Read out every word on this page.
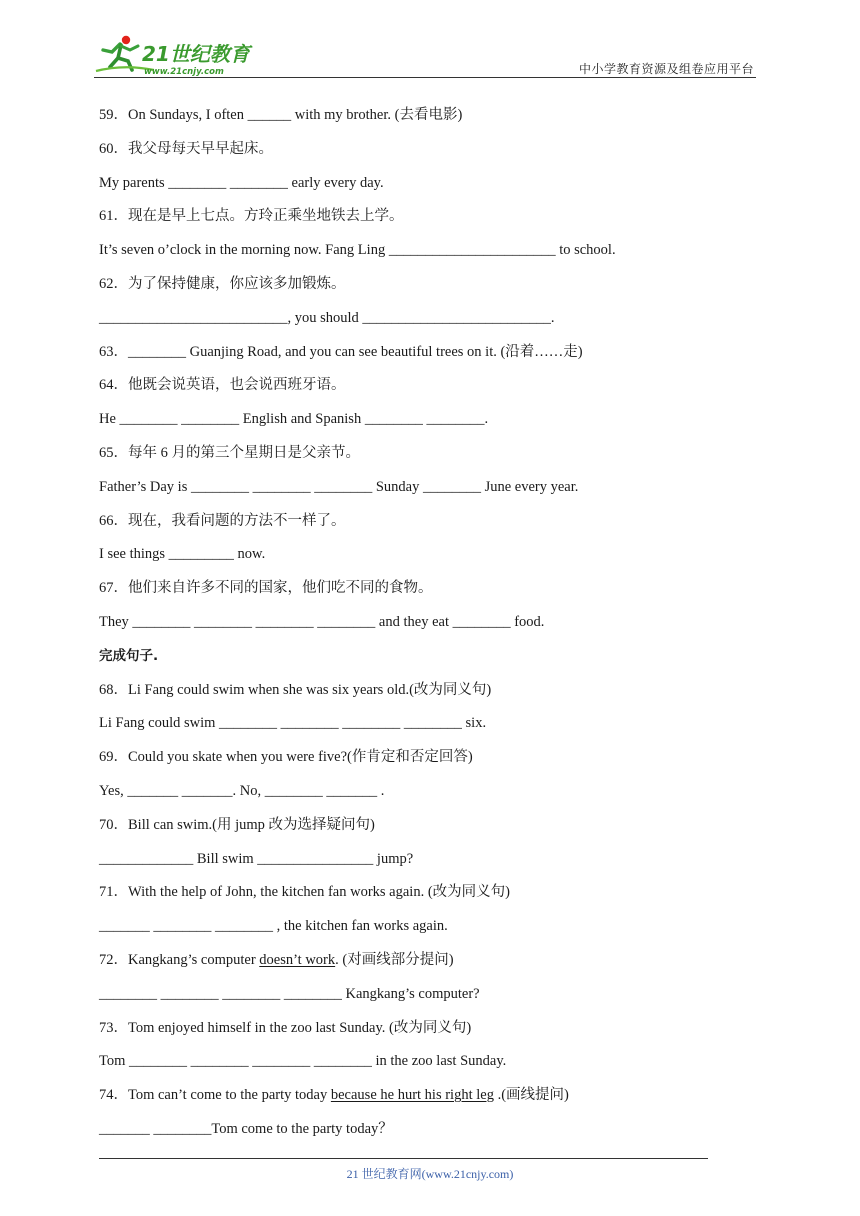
21世纪教育
www.21cnjy.com	中小学教育资源及组卷应用平台
59．On Sundays, I often ______ with my brother. (去看电影)
60．我父母每天早早起床。
My parents ________ ________ early every day.
61．现在是早上七点。方玲正乘坐地铁去上学。
It’s seven o’clock in the morning now. Fang Ling _______________________ to school.
62．为了保持健康，你应该多加锻炼。
__________________________, you should __________________________.
63．________ Guanjing Road, and you can see beautiful trees on it. (沿着……走)
64．他既会说英语，也会说西班牙语。
He ________ ________ English and Spanish ________ ________.
65．每年 6 月的第三个星期日是父亲节。
Father’s Day is ________ ________ ________ Sunday ________ June every year.
66．现在，我看问题的方法不一样了。
I see things _________ now.
67．他们来自许多不同的国家，他们吃不同的食物。
They ________ ________ ________ ________ and they eat ________ food.
完成句子.
68．Li Fang could swim when she was six years old.(改为同义句)
Li Fang could swim ________ ________ ________ ________ six.
69．Could you skate when you were five?(作肯定和否定回答)
Yes, _______ _______. No, ________ _______ .
70．Bill can swim.(用 jump 改为选择疑问句)
_____________ Bill swim ________________ jump?
71．With the help of John, the kitchen fan works again. (改为同义句)
_______ ________ ________ , the kitchen fan works again.
72．Kangkang’s computer doesn’t work. (对画线部分提问)
________ ________ ________ ________ Kangkang’s computer?
73．Tom enjoyed himself in the zoo last Sunday. (改为同义句)
Tom ________ ________ ________ ________ in the zoo last Sunday.
74．Tom can’t come to the party today because he hurt his right leg .(画线提问)
_______ ________Tom come to the party today？
21 世纪教育网(www.21cnjy.com)
